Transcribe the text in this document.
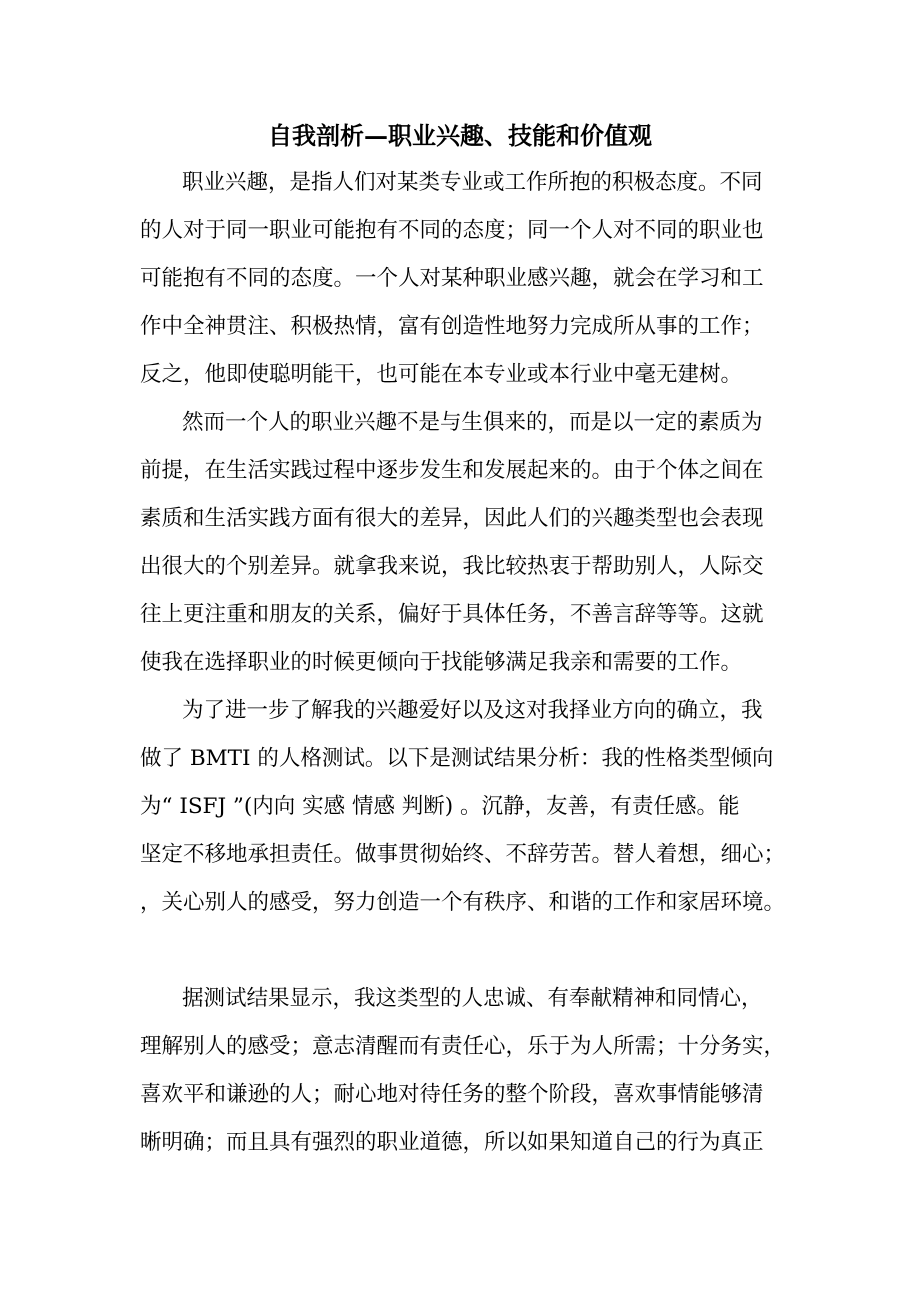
自我剖析—职业兴趣、技能和价值观
职业兴趣，是指人们对某类专业或工作所抱的积极态度。不同
的人对于同一职业可能抱有不同的态度；同一个人对不同的职业也
可能抱有不同的态度。一个人对某种职业感兴趣，就会在学习和工
作中全神贯注、积极热情，富有创造性地努力完成所从事的工作；
反之，他即使聪明能干，也可能在本专业或本行业中毫无建树。
然而一个人的职业兴趣不是与生俱来的，而是以一定的素质为
前提，在生活实践过程中逐步发生和发展起来的。由于个体之间在
素质和生活实践方面有很大的差异，因此人们的兴趣类型也会表现
出很大的个别差异。就拿我来说，我比较热衷于帮助别人，人际交
往上更注重和朋友的关系，偏好于具体任务，不善言辞等等。这就
使我在选择职业的时候更倾向于找能够满足我亲和需要的工作。
为了进一步了解我的兴趣爱好以及这对我择业方向的确立，我
做了 BMTI 的人格测试。以下是测试结果分析：我的性格类型倾向
为“ ISFJ ”(内向 实感 情感 判断) 。沉静，友善，有责任感。能
坚定不移地承担责任。做事贯彻始终、不辞劳苦。替人着想，细心；
，关心别人的感受，努力创造一个有秩序、和谐的工作和家居环境。
据测试结果显示，我这类型的人忠诚、有奉献精神和同情心，
理解别人的感受；意志清醒而有责任心，乐于为人所需；十分务实，
喜欢平和谦逊的人；耐心地对待任务的整个阶段，喜欢事情能够清
晰明确；而且具有强烈的职业道德，所以如果知道自己的行为真正
